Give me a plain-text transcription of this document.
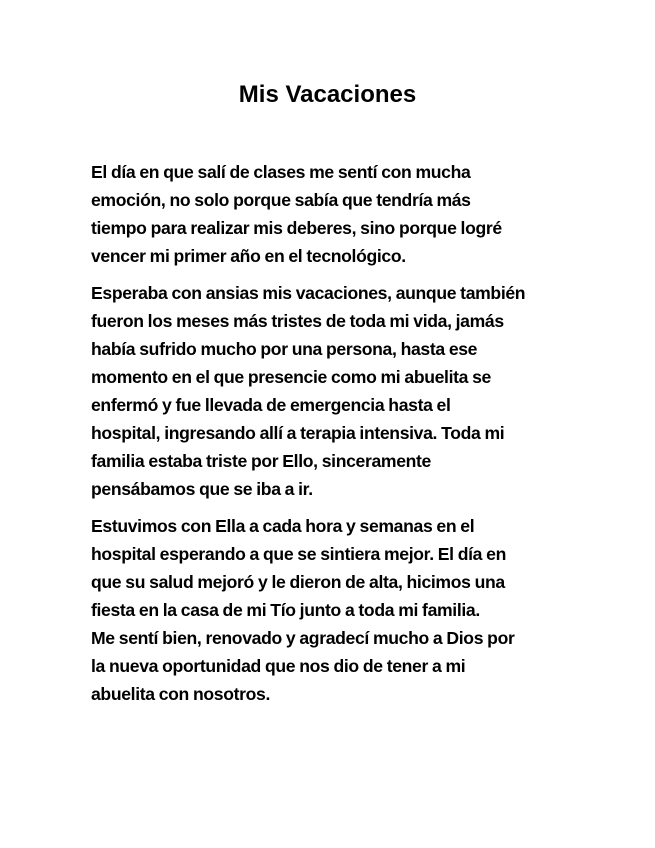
Mis Vacaciones

El día en que salí de clases me sentí con mucha
emoción, no solo porque sabía que tendría más
tiempo para realizar mis deberes, sino porque logré
vencer mi primer año en el tecnológico.

Esperaba con ansias mis vacaciones, aunque también
fueron los meses más tristes de toda mi vida, jamás
había sufrido mucho por una persona, hasta ese
momento en el que presencie como mi abuelita se
enfermó y fue llevada de emergencia hasta el
hospital, ingresando allí a terapia intensiva. Toda mi
familia estaba triste por Ello, sinceramente
pensábamos que se iba a ir.

Estuvimos con Ella a cada hora y semanas en el
hospital esperando a que se sintiera mejor. El día en
que su salud mejoró y le dieron de alta, hicimos una
fiesta en la casa de mi Tío junto a toda mi familia.
Me sentí bien, renovado y agradecí mucho a Dios por
la nueva oportunidad que nos dio de tener a mi
abuelita con nosotros.
